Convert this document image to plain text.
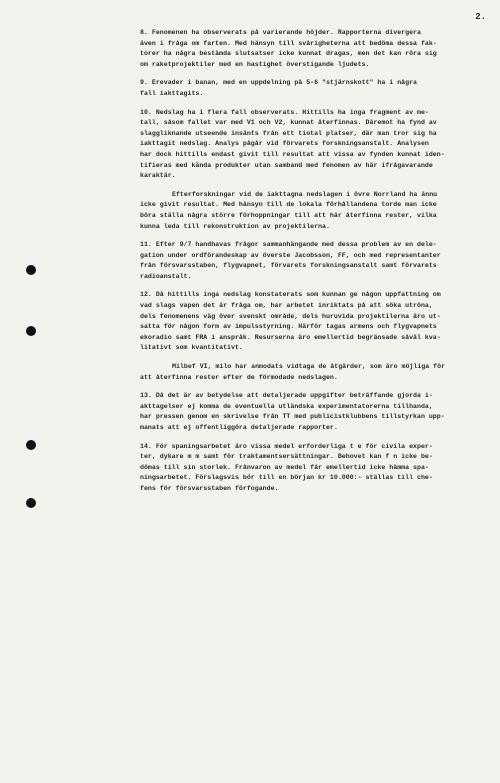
2.
8. Fenomenen ha observerats på varierande höjder. Rapporterna divergera
även i fråga om farten. Med hänsyn till svårigheterna att bedöma dessa fak-
torer ha några bestämda slutsatser icke kunnat dragas, men det kan röra sig
om raketprojektiler med en hastighet överstigande ljudets.
9. Erevader i banan, med en uppdelning på 5-6 "stjärnskott" ha i några
fall iakttagits.
10. Nedslag ha i flera fall observerats. Hittills ha inga fragment av me-
tall, såsom fallet var med V1 och V2, kunnat återfinnas. Däremot ha fynd av
slaggliknande utseende insänts från ett tiotal platser, där man tror sig ha
iakttagit nedslag. Analys pågår vid förvarets forskningsanstalt. Analysen
har dock hittills endast givit till resultat att vissa av fynden kunnat iden-
tifieras med kända produkter utan samband med fenomen av här ifrågavarande
karaktär.
Efterforskningar vid de iakttagna nedslagen i övre Norrland ha ännu
icke givit resultat. Med hänsyn till de lokala förhållandena torde man icke
böra ställa några större förhoppningar till att här återfinna rester, vilka
kunna leda till rekonstruktion av projektilerna.
11. Efter 9/7 handhavas frågor sammanhängande med dessa problem av en dele-
gation under ordförandeskap av överste Jacobsson, FF, och med representanter
från försvarsstaben, flygvapnet, förvarets forskningsanstalt samt förvarets
radioanstalt.
12. Då hittills inga nedslag konstaterats som kunnan ge någon uppfattning om
vad slags vapen det är fråga om, har arbetet inriktats på att söka utröna,
dels fenomenens väg över svenskt område, dels huruvida projektilerna äro ut-
satta för någon form av impulsstyrning. Härför tagas armens och flygvapnets
ekoradio samt FRA i anspråk. Resurserna äro emellertid begränsade såväl kva-
litativt som kvantitativt.
Milbef VI, milo har anmodats vidtaga de åtgärder, som äro möjliga för
att återfinna rester efter de förmodade nedslagen.
13. Då det är av betydelse att detaljerade uppgifter beträffande gjorda i-
akttagelser ej komma de eventuella utländska experimentatorerna tillhanda,
har pressen genom en skrivelse från TT med publicistklubbens tillstyrkan upp-
manats att ej offentliggöra detaljerade rapporter.
14. För spaningsarbetet äro vissa medel erforderliga t e för civila exper-
ter, dykare m m samt för traktamentsersättningar. Behovet kan f n icke be-
dömas till sin storlek. Frånvaron av medel får emellertid icke hämma spa-
ningsarbetet. Förslagsvis bör till en början kr 10.000:- ställas till che-
fens för försvarsstaben förfogande.
